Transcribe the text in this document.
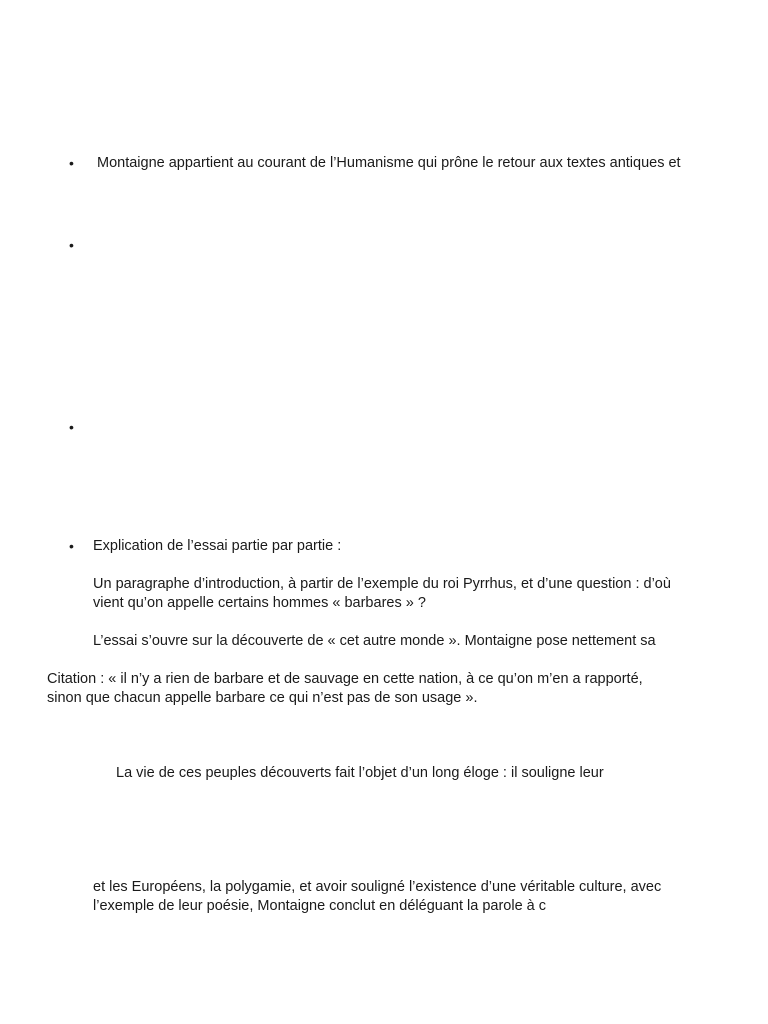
•	Montaigne appartient au courant de l’Humanisme qui prône le retour aux textes antiques et
•
•
•	Explication de l’essai partie par partie :
Un paragraphe d’introduction, à partir de l’exemple du roi Pyrrhus, et d’une question : d’où
vient qu’on appelle certains hommes « barbares » ?
L’essai s’ouvre sur la découverte de « cet autre monde ». Montaigne pose nettement sa
Citation : « il n’y a rien de barbare et de sauvage en cette nation, à ce qu’on m’en a rapporté,
sinon que chacun appelle barbare ce qui n’est pas de son usage ».
La vie de ces peuples découverts fait l’objet d’un long éloge : il souligne leur
et les Européens, la polygamie, et avoir souligné l’existence d’une véritable culture, avec
l’exemple de leur poésie, Montaigne conclut en déléguant la parole à c
